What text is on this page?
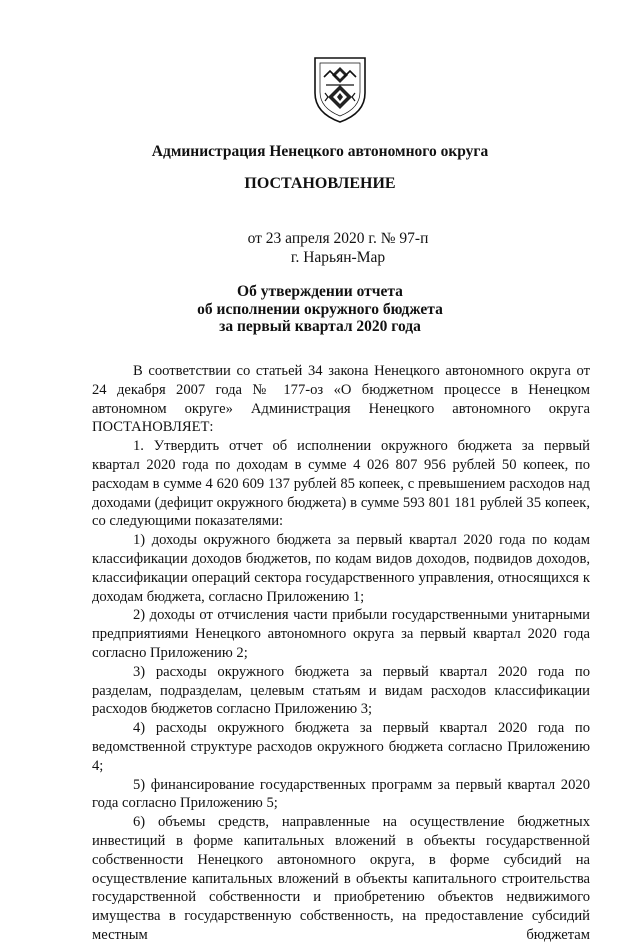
Администрация Ненецкого автономного округа
ПОСТАНОВЛЕНИЕ
от 23 апреля 2020 г. № 97-п
г. Нарьян-Мар
Об утверждении отчета
об исполнении окружного бюджета
за первый квартал 2020 года

В соответствии со статьей 34 закона Ненецкого автономного округа от 24 декабря 2007 года № 177-оз «О бюджетном процессе в Ненецком автономном округе» Администрация Ненецкого автономного округа ПОСТАНОВЛЯЕТ:

1. Утвердить отчет об исполнении окружного бюджета за первый квартал 2020 года по доходам в сумме 4 026 807 956 рублей 50 копеек, по расходам в сумме 4 620 609 137 рублей 85 копеек, с превышением расходов над доходами (дефицит окружного бюджета) в сумме 593 801 181 рублей 35 копеек, со следующими показателями:

1) доходы окружного бюджета за первый квартал 2020 года по кодам классификации доходов бюджетов, по кодам видов доходов, подвидов доходов, классификации операций сектора государственного управления, относящихся к доходам бюджета, согласно Приложению 1;

2) доходы от отчисления части прибыли государственными унитарными предприятиями Ненецкого автономного округа за первый квартал 2020 года согласно Приложению 2;

3) расходы окружного бюджета за первый квартал 2020 года по разделам, подразделам, целевым статьям и видам расходов классификации расходов бюджетов согласно Приложению 3;

4) расходы окружного бюджета за первый квартал 2020 года по ведомственной структуре расходов окружного бюджета согласно Приложению 4;

5) финансирование государственных программ за первый квартал 2020 года согласно Приложению 5;

6) объемы средств, направленные на осуществление бюджетных инвестиций в форме капитальных вложений в объекты государственной собственности Ненецкого автономного округа, в форме субсидий на осуществление капитальных вложений в объекты капитального строительства государственной собственности и приобретению объектов недвижимого имущества в государственную собственность, на предоставление субсидий местным бюджетам
